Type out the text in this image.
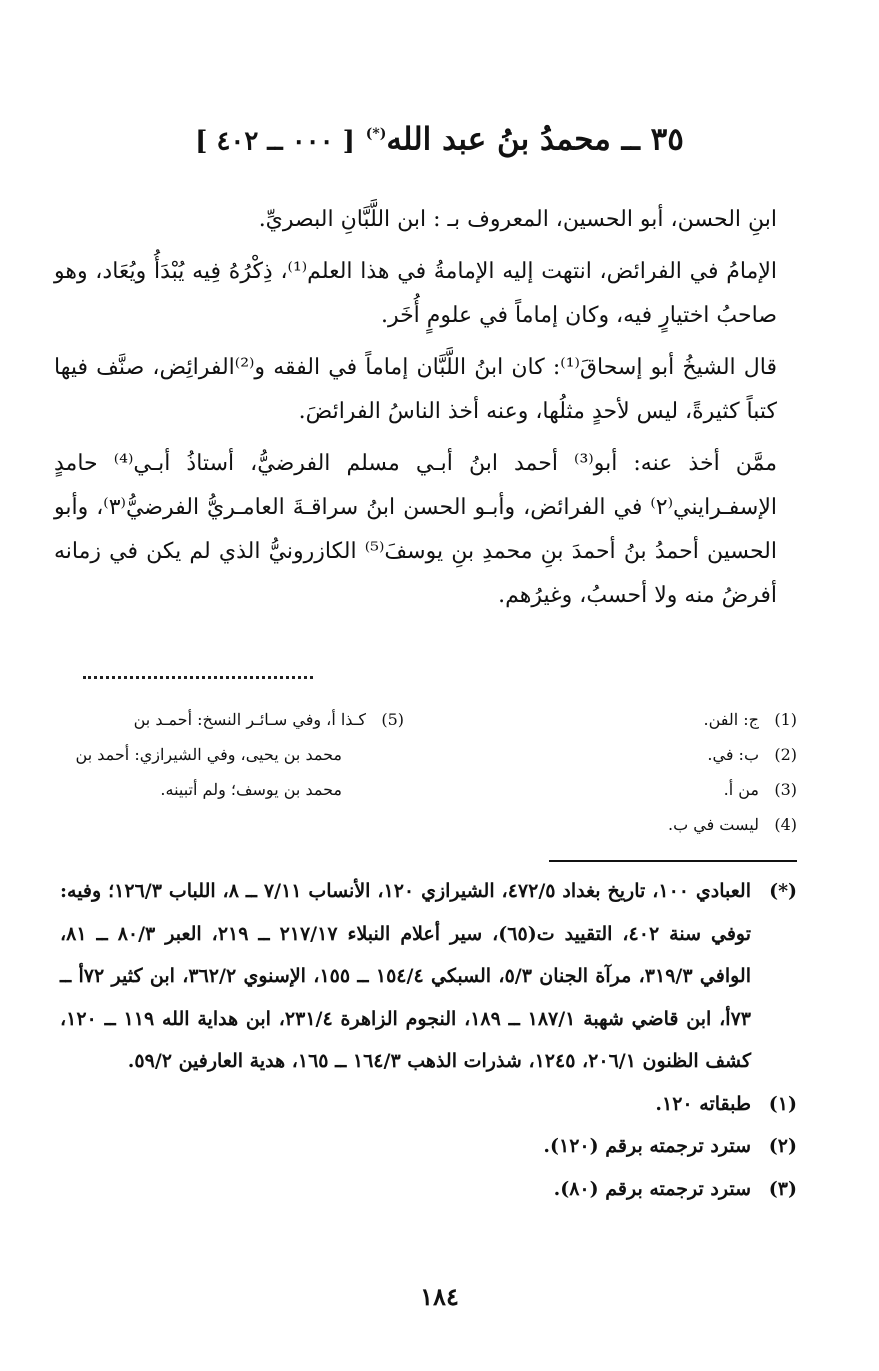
٣٥ ــ محمدُ بنُ عبد الله(*) [ ٠٠٠ ــ ٤٠٢ ]

ابنِ الحسن، أبو الحسين، المعروف بـ : ابن اللَّبَّانِ البصريِّ.

الإمامُ في الفرائض، انتهت إليه الإمامةُ في هذا العلم⁽¹⁾، ذِكْرُهُ فِيه يُبْدَأُ ويُعَاد، وهو صاحبُ اختيارٍ فيه، وكان إماماً في علومٍ أُخَر.

قال الشيخُ أبو إسحاقَ⁽¹⁾: كان ابنُ اللَّبَّان إماماً في الفقه و⁽²⁾الفرائِض، صنَّف فيها كتباً كثيرةً، ليس لأحدٍ مثلُها، وعنه أخذ الناسُ الفرائضَ.

ممَّن أخذ عنه: أبو⁽³⁾ أحمد ابنُ أبـي مسلم الفرضيُّ، أستاذُ أبـي⁽⁴⁾ حامدٍ الإسفـرايني⁽٢⁾ في الفرائض، وأبـو الحسن ابنُ سراقـةَ العامـريُّ الفرضيُّ⁽٣⁾، وأبو الحسين أحمدُ بنُ أحمدَ بنِ محمدِ بنِ يوسفَ⁽⁵⁾ الكازرونيُّ الذي لم يكن في زمانه أفرضُ منه ولا أحسبُ، وغيرُهم.

(1)
ج: الفن.
(2)
ب: في.
(3)
من أ.
(4)
ليست في ب.
(5)
كـذا أ، وفي سـائـر النسخ: أحمـد بن
محمد بن يحيى، وفي الشيرازي: أحمد بن
محمد بن يوسف؛ ولم أتبينه.
(*)
العبادي ١٠٠، تاريخ بغداد ٤٧٢/٥، الشيرازي ١٢٠، الأنساب ٧/١١ ــ ٨، اللباب ١٢٦/٣؛ وفيه: توفي سنة ٤٠٢، التقييد ت(٦٥)، سير أعلام النبلاء ٢١٧/١٧ ــ ٢١٩، العبر ٨٠/٣ ــ ٨١، الوافي ٣١٩/٣، مرآة الجنان ٥/٣، السبكي ١٥٤/٤ ــ ١٥٥، الإسنوي ٣٦٢/٢، ابن كثير ٧٢أ ــ ٧٣أ، ابن قاضي شهبة ١٨٧/١ ــ ١٨٩، النجوم الزاهرة ٢٣١/٤، ابن هداية الله ١١٩ ــ ١٢٠، كشف الظنون ٢٠٦/١، ١٢٤٥، شذرات الذهب ١٦٤/٣ ــ ١٦٥، هدية العارفين ٥٩/٢.
(١)
طبقاته ١٢٠.
(٢)
سترد ترجمته برقم (١٢٠).
(٣)
سترد ترجمته برقم (٨٠).
١٨٤
